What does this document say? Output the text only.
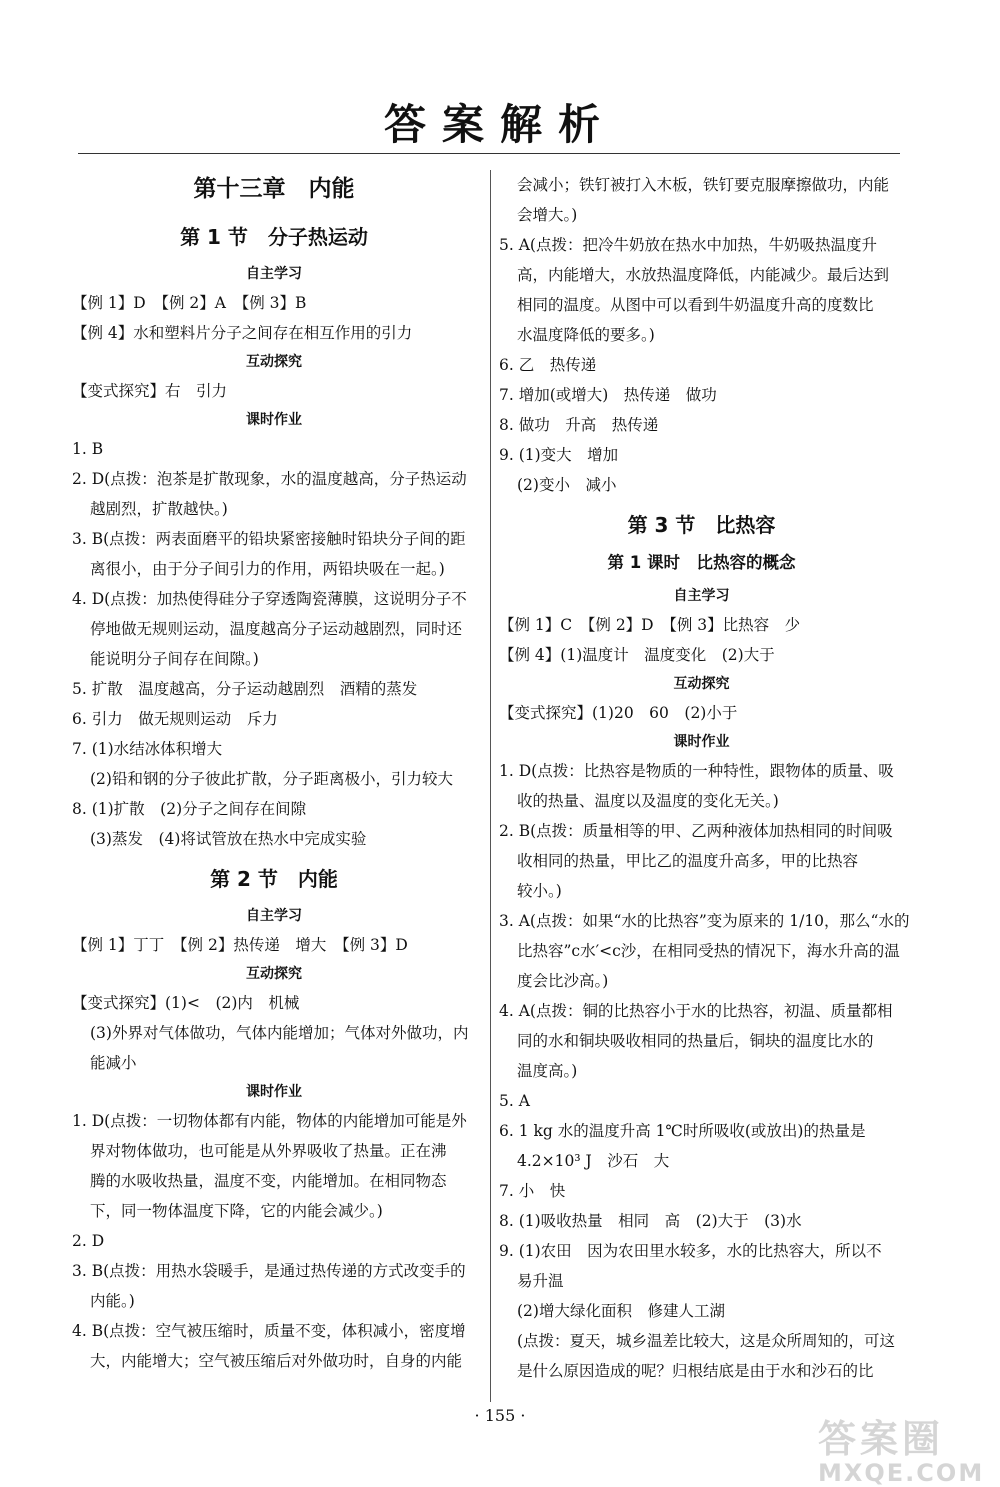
答案解析
第十三章　内能
第 1 节　分子热运动
自主学习
【例 1】D　【例 2】A　【例 3】B
【例 4】水和塑料片分子之间存在相互作用的引力
互动探究
【变式探究】右　引力
课时作业
1. B
2. D(点拨：泡茶是扩散现象，水的温度越高，分子热运动
越剧烈，扩散越快。)
3. B(点拨：两表面磨平的铅块紧密接触时铅块分子间的距
离很小，由于分子间引力的作用，两铅块吸在一起。)
4. D(点拨：加热使得硅分子穿透陶瓷薄膜，这说明分子不
停地做无规则运动，温度越高分子运动越剧烈，同时还
能说明分子间存在间隙。)
5. 扩散　温度越高，分子运动越剧烈　酒精的蒸发
6. 引力　做无规则运动　斥力
7. (1)水结冰体积增大
(2)铅和钢的分子彼此扩散，分子距离极小，引力较大
8. (1)扩散　(2)分子之间存在间隙
(3)蒸发　(4)将试管放在热水中完成实验
第 2 节　内能
自主学习
【例 1】丁丁　【例 2】热传递　增大　【例 3】D
互动探究
【变式探究】(1)<　(2)内　机械
(3)外界对气体做功，气体内能增加；气体对外做功，内
能减小
课时作业
1. D(点拨：一切物体都有内能，物体的内能增加可能是外
界对物体做功，也可能是从外界吸收了热量。正在沸
腾的水吸收热量，温度不变，内能增加。在相同物态
下，同一物体温度下降，它的内能会减少。)
2. D
3. B(点拨：用热水袋暖手，是通过热传递的方式改变手的
内能。)
4. B(点拨：空气被压缩时，质量不变，体积减小，密度增
大，内能增大；空气被压缩后对外做功时，自身的内能
会减小；铁钉被打入木板，铁钉要克服摩擦做功，内能
会增大。)
5. A(点拨：把冷牛奶放在热水中加热，牛奶吸热温度升
高，内能增大，水放热温度降低，内能减少。最后达到
相同的温度。从图中可以看到牛奶温度升高的度数比
水温度降低的要多。)
6. 乙　热传递
7. 增加(或增大)　热传递　做功
8. 做功　升高　热传递
9. (1)变大　增加
(2)变小　减小
第 3 节　比热容
第 1 课时　比热容的概念
自主学习
【例 1】C　【例 2】D　【例 3】比热容　少
【例 4】(1)温度计　温度变化　(2)大于
互动探究
【变式探究】(1)20　60　(2)小于
课时作业
1. D(点拨：比热容是物质的一种特性，跟物体的质量、吸
收的热量、温度以及温度的变化无关。)
2. B(点拨：质量相等的甲、乙两种液体加热相同的时间吸
收相同的热量，甲比乙的温度升高多，甲的比热容
较小。)
3. A(点拨：如果“水的比热容”变为原来的 1/10，那么“水的
比热容”c水′<c沙，在相同受热的情况下，海水升高的温
度会比沙高。)
4. A(点拨：铜的比热容小于水的比热容，初温、质量都相
同的水和铜块吸收相同的热量后，铜块的温度比水的
温度高。)
5. A
6. 1 kg 水的温度升高 1℃时所吸收(或放出)的热量是
4.2×10³ J　沙石　大
7. 小　快
8. (1)吸收热量　相同　高　(2)大于　(3)水
9. (1)农田　因为农田里水较多，水的比热容大，所以不
易升温
(2)增大绿化面积　修建人工湖
(点拨：夏天，城乡温差比较大，这是众所周知的，可这
是什么原因造成的呢？归根结底是由于水和沙石的比
· 155 ·
答案圈
MXQE.COM
